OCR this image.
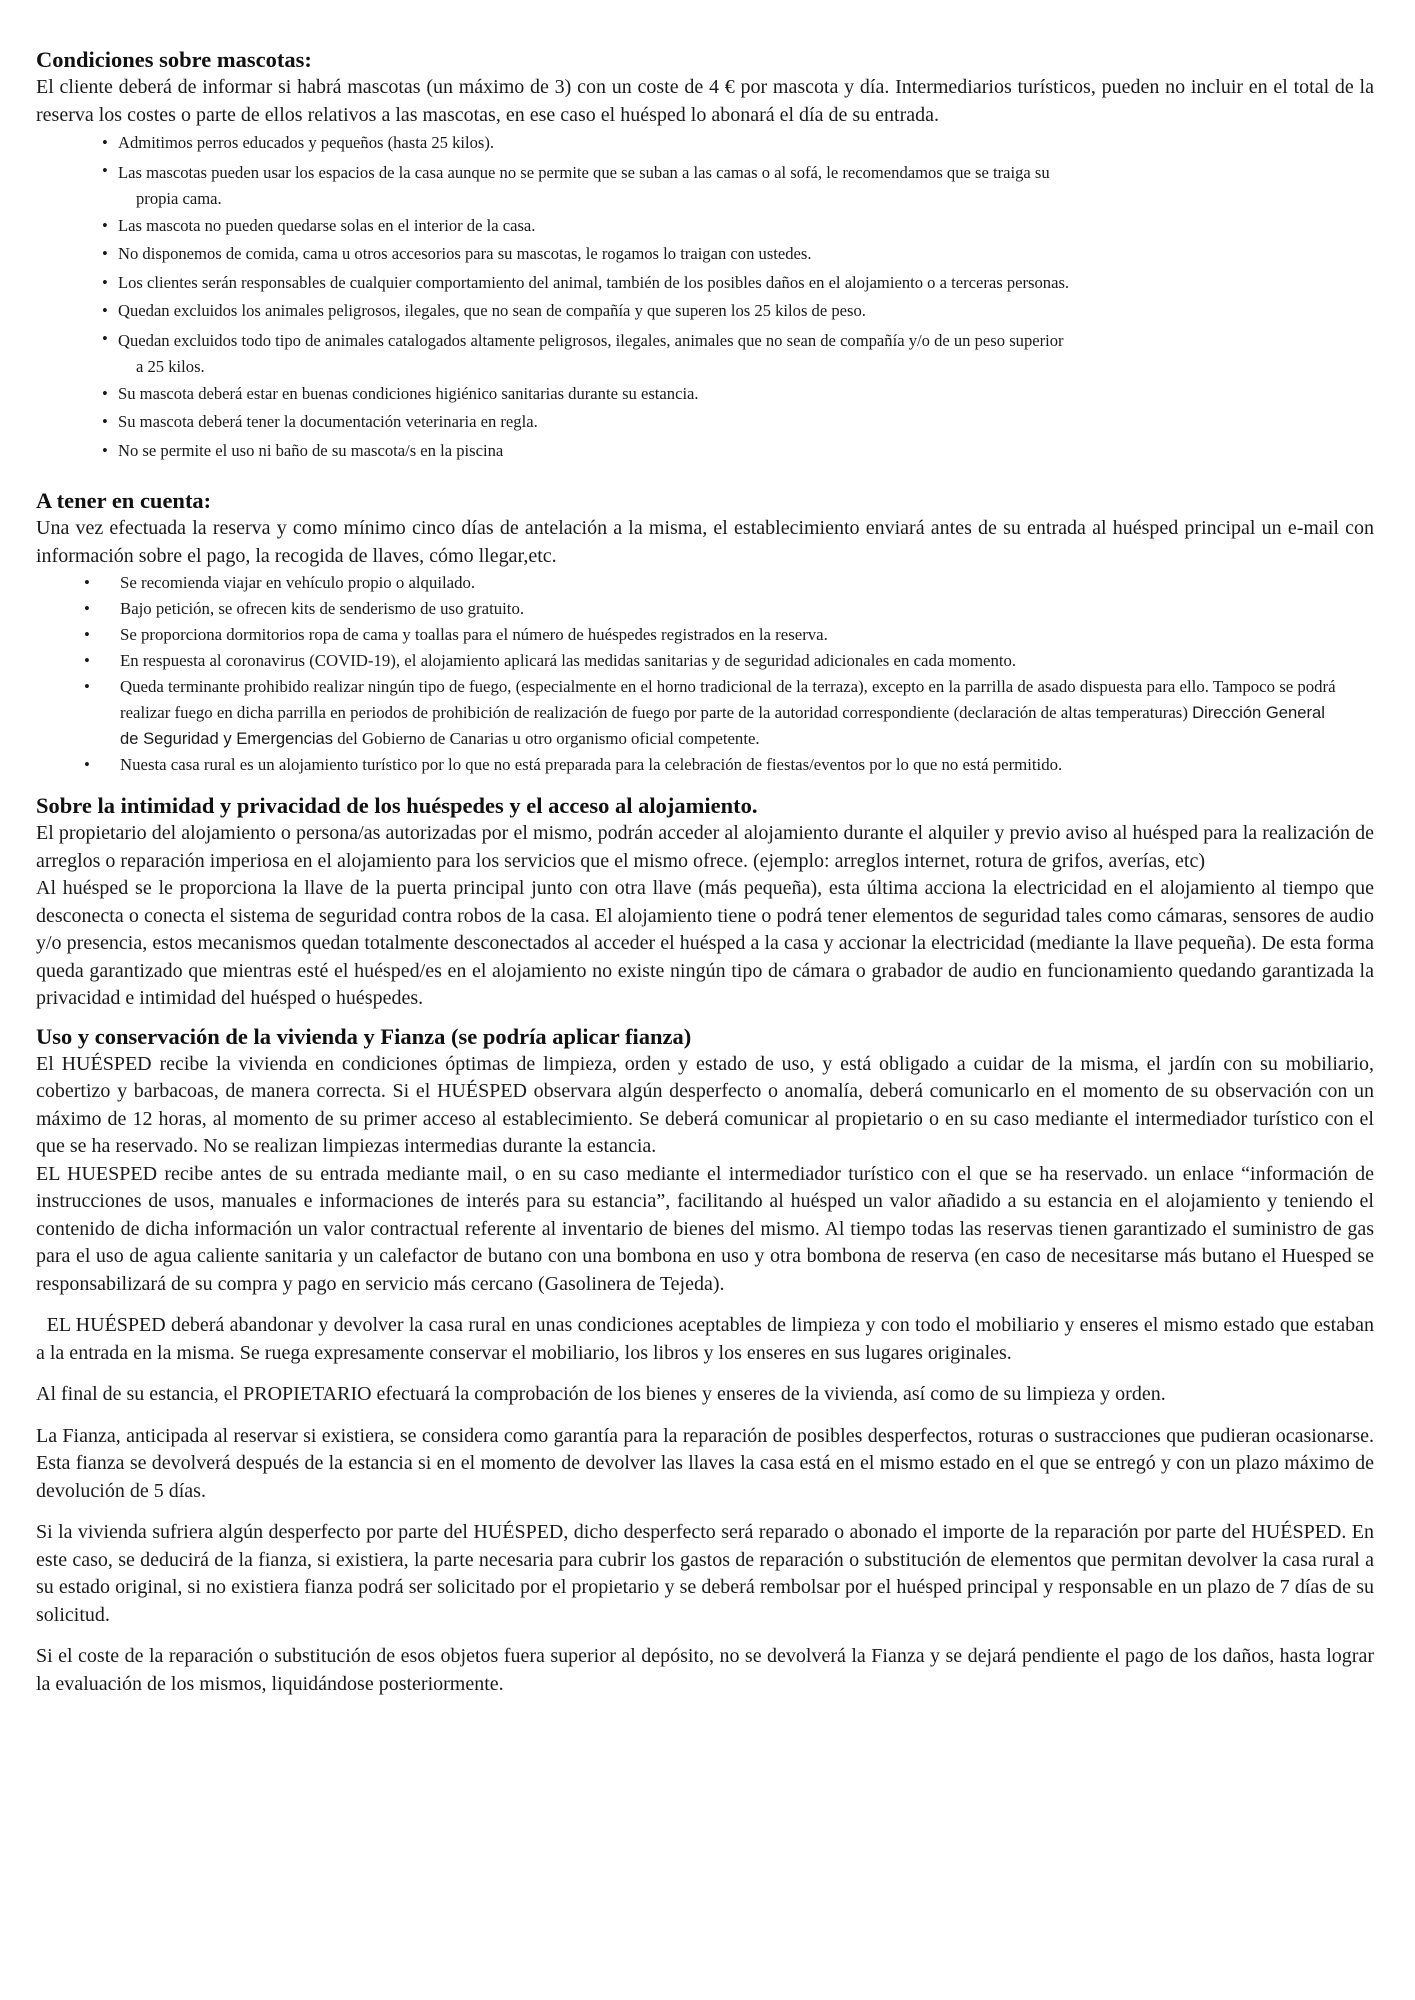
Condiciones sobre mascotas:

El cliente deberá de informar si habrá mascotas (un máximo de 3) con un coste de 4 € por mascota y día. Intermediarios turísticos, pueden no incluir en el total de la reserva los costes o parte de ellos relativos a las mascotas, en ese caso el huésped lo abonará el día de su entrada.

• Admitimos perros educados y pequeños (hasta 25 kilos).
• Las mascotas pueden usar los espacios de la casa aunque no se permite que se suban a las camas o al sofá, le recomendamos que se traiga su
propia cama.
• Las mascota no pueden quedarse solas en el interior de la casa.
• No disponemos de comida, cama u otros accesorios para su mascotas, le rogamos lo traigan con ustedes.
• Los clientes serán responsables de cualquier comportamiento del animal, también de los posibles daños en el alojamiento o a terceras personas.
• Quedan excluidos los animales peligrosos, ilegales, que no sean de compañía y que superen los 25 kilos de peso.
• Quedan excluidos todo tipo de animales catalogados altamente peligrosos, ilegales, animales que no sean de compañía y/o de un peso superior
a 25 kilos.
• Su mascota deberá estar en buenas condiciones higiénico sanitarias durante su estancia.
• Su mascota deberá tener la documentación veterinaria en regla.
• No se permite el uso ni baño de su mascota/s en la piscina
A tener en cuenta:

Una vez efectuada la reserva y como mínimo cinco días de antelación a la misma, el establecimiento enviará antes de su entrada al huésped principal un e-mail con información sobre el pago, la recogida de llaves, cómo llegar,etc.

• Se recomienda viajar en vehículo propio o alquilado.
• Bajo petición, se ofrecen kits de senderismo de uso gratuito.
• Se proporciona dormitorios ropa de cama y toallas para el número de huéspedes registrados en la reserva.
• En respuesta al coronavirus (COVID-19), el alojamiento aplicará las medidas sanitarias y de seguridad adicionales en cada momento.
• Queda terminante prohibido realizar ningún tipo de fuego, (especialmente en el horno tradicional de la terraza), excepto en la parrilla de asado dispuesta para ello. Tampoco se podrá realizar fuego en dicha parrilla en periodos de prohibición de realización de fuego por parte de la autoridad correspondiente (declaración de altas temperaturas) Dirección General de Seguridad y Emergencias del Gobierno de Canarias u otro organismo oficial competente.
• Nuesta casa rural es un alojamiento turístico por lo que no está preparada para la celebración de fiestas/eventos por lo que no está permitido.
Sobre la intimidad y privacidad de los huéspedes y el acceso al alojamiento.

El propietario del alojamiento o persona/as autorizadas por el mismo, podrán acceder al alojamiento durante el alquiler y previo aviso al huésped para la realización de arreglos o reparación imperiosa en el alojamiento para los servicios que el mismo ofrece. (ejemplo: arreglos internet, rotura de grifos, averías, etc)

Al huésped se le proporciona la llave de la puerta principal junto con otra llave (más pequeña), esta última acciona la electricidad en el alojamiento al tiempo que desconecta o conecta el sistema de seguridad contra robos de la casa. El alojamiento tiene o podrá tener elementos de seguridad tales como cámaras, sensores de audio y/o presencia, estos mecanismos quedan totalmente desconectados al acceder el huésped a la casa y accionar la electricidad (mediante la llave pequeña). De esta forma queda garantizado que mientras esté el huésped/es en el alojamiento no existe ningún tipo de cámara o grabador de audio en funcionamiento quedando garantizada la privacidad e intimidad del huésped o huéspedes.

Uso y conservación de la vivienda y Fianza (se podría aplicar fianza)

El HUÉSPED recibe la vivienda en condiciones óptimas de limpieza, orden y estado de uso, y está obligado a cuidar de la misma, el jardín con su mobiliario, cobertizo y barbacoas, de manera correcta. Si el HUÉSPED observara algún desperfecto o anomalía, deberá comunicarlo en el momento de su observación con un máximo de 12 horas, al momento de su primer acceso al establecimiento. Se deberá comunicar al propietario o en su caso mediante el intermediador turístico con el que se ha reservado. No se realizan limpiezas intermedias durante la estancia.

EL HUESPED recibe antes de su entrada mediante mail, o en su caso mediante el intermediador turístico con el que se ha reservado. un enlace “información de instrucciones de usos, manuales e informaciones de interés para su estancia”, facilitando al huésped un valor añadido a su estancia en el alojamiento y teniendo el contenido de dicha información un valor contractual referente al inventario de bienes del mismo. Al tiempo todas las reservas tienen garantizado el suministro de gas para el uso de agua caliente sanitaria y un calefactor de butano con una bombona en uso y otra bombona de reserva (en caso de necesitarse más butano el Huesped se responsabilizará de su compra y pago en servicio más cercano (Gasolinera de Tejeda).

EL HUÉSPED deberá abandonar y devolver la casa rural en unas condiciones aceptables de limpieza y con todo el mobiliario y enseres el mismo estado que estaban a la entrada en la misma. Se ruega expresamente conservar el mobiliario, los libros y los enseres en sus lugares originales.

Al final de su estancia, el PROPIETARIO efectuará la comprobación de los bienes y enseres de la vivienda, así como de su limpieza y orden.

La Fianza, anticipada al reservar si existiera, se considera como garantía para la reparación de posibles desperfectos, roturas o sustracciones que pudieran ocasionarse. Esta fianza se devolverá después de la estancia si en el momento de devolver las llaves la casa está en el mismo estado en el que se entregó y con un plazo máximo de devolución de 5 días.

Si la vivienda sufriera algún desperfecto por parte del HUÉSPED, dicho desperfecto será reparado o abonado el importe de la reparación por parte del HUÉSPED. En este caso, se deducirá de la fianza, si existiera, la parte necesaria para cubrir los gastos de reparación o substitución de elementos que permitan devolver la casa rural a su estado original, si no existiera fianza podrá ser solicitado por el propietario y se deberá rembolsar por el huésped principal y responsable en un plazo de 7 días de su solicitud.

Si el coste de la reparación o substitución de esos objetos fuera superior al depósito, no se devolverá la Fianza y se dejará pendiente el pago de los daños, hasta lograr la evaluación de los mismos, liquidándose posteriormente.
